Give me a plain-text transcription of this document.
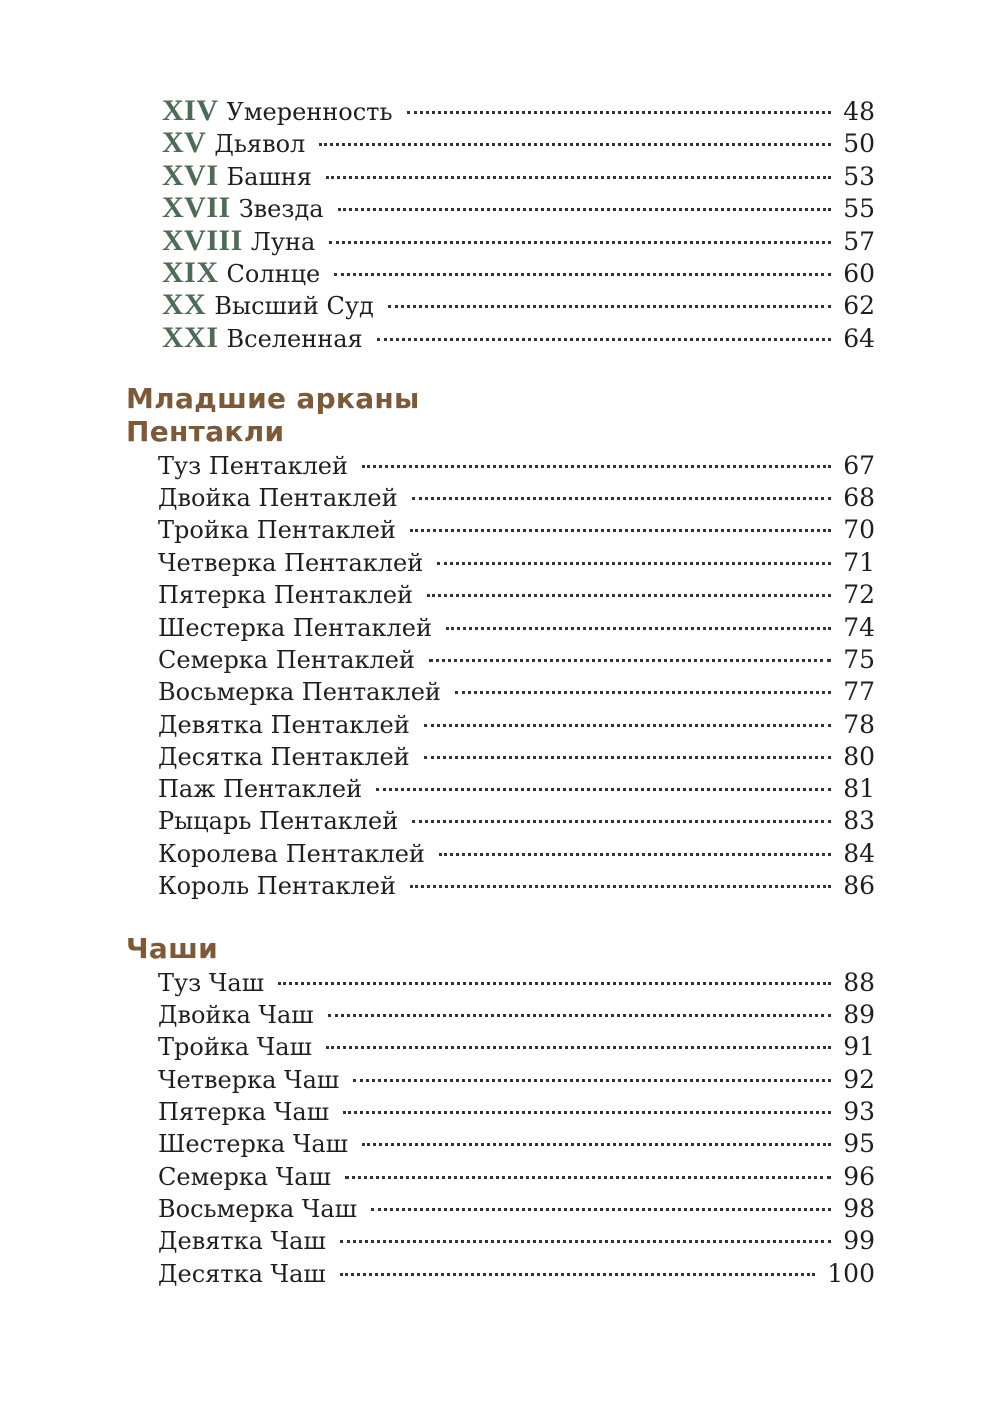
XIV Умеренность	48
XV Дьявол	50
XVI Башня	53
XVII Звезда	55
XVIII Луна	57
XIX Солнце	60
XX Высший Суд	62
XXI Вселенная	64
Младшие арканы
Пентакли
Туз Пентаклей	67
Двойка Пентаклей	68
Тройка Пентаклей	70
Четверка Пентаклей	71
Пятерка Пентаклей	72
Шестерка Пентаклей	74
Семерка Пентаклей	75
Восьмерка Пентаклей	77
Девятка Пентаклей	78
Десятка Пентаклей	80
Паж Пентаклей	81
Рыцарь Пентаклей	83
Королева Пентаклей	84
Король Пентаклей	86
Чаши
Туз Чаш	88
Двойка Чаш	89
Тройка Чаш	91
Четверка Чаш	92
Пятерка Чаш	93
Шестерка Чаш	95
Семерка Чаш	96
Восьмерка Чаш	98
Девятка Чаш	99
Десятка Чаш	100
